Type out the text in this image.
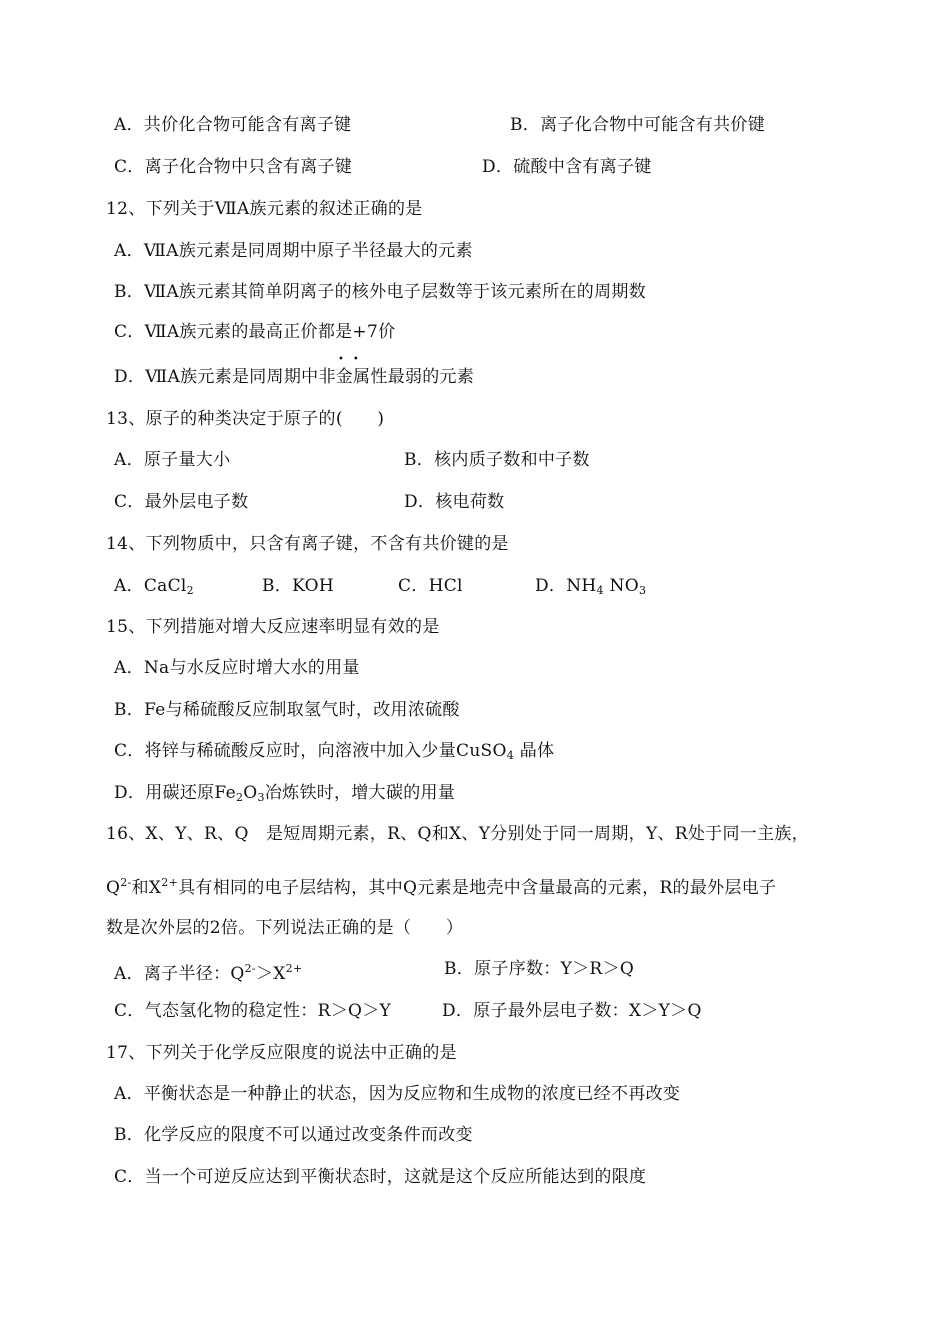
A．共价化合物可能含有离子键	B．离子化合物中可能含有共价键
C．离子化合物中只含有离子键	D．硫酸中含有离子键
12、下列关于ⅦA族元素的叙述正确的是
A．ⅦA族元素是同周期中原子半径最大的元素
B．ⅦA族元素其简单阴离子的核外电子层数等于该元素所在的周期数
C．ⅦA族元素的最高正价都是+7价
••
D．ⅦA族元素是同周期中非金属性最弱的元素
13、原子的种类决定于原子的(　　)
A．原子量大小	B．核内质子数和中子数
C．最外层电子数	D．核电荷数
14、下列物质中，只含有离子键，不含有共价键的是
A．CaCl$_2$	B．KOH	C．HCl	D．$NH_4$ $NO_3$
15、下列措施对增大反应速率明显有效的是
A．Na与水反应时增大水的用量
B．Fe与稀硫酸反应制取氢气时，改用浓硫酸
C．将锌与稀硫酸反应时，向溶液中加入少量CuSO$_4$ 晶体
D．用碳还原$Fe_2O_3$冶炼铁时，增大碳的用量
16、X、Y、R、Q　是短周期元素，R、Q和X、Y分别处于同一周期，Y、R处于同一主族，
$Q^{2-}$和$X^{2+}$具有相同的电子层结构，其中Q元素是地壳中含量最高的元素，R的最外层电子
数是次外层的2倍。下列说法正确的是（　　）
A．离子半径：$Q^{2-}>X^{2+}$	B．原子序数：Y＞R＞Q
C．气态氢化物的稳定性：R＞Q＞Y	D．原子最外层电子数：X＞Y＞Q
17、下列关于化学反应限度的说法中正确的是
A．平衡状态是一种静止的状态，因为反应物和生成物的浓度已经不再改变
B．化学反应的限度不可以通过改变条件而改变
C．当一个可逆反应达到平衡状态时，这就是这个反应所能达到的限度
